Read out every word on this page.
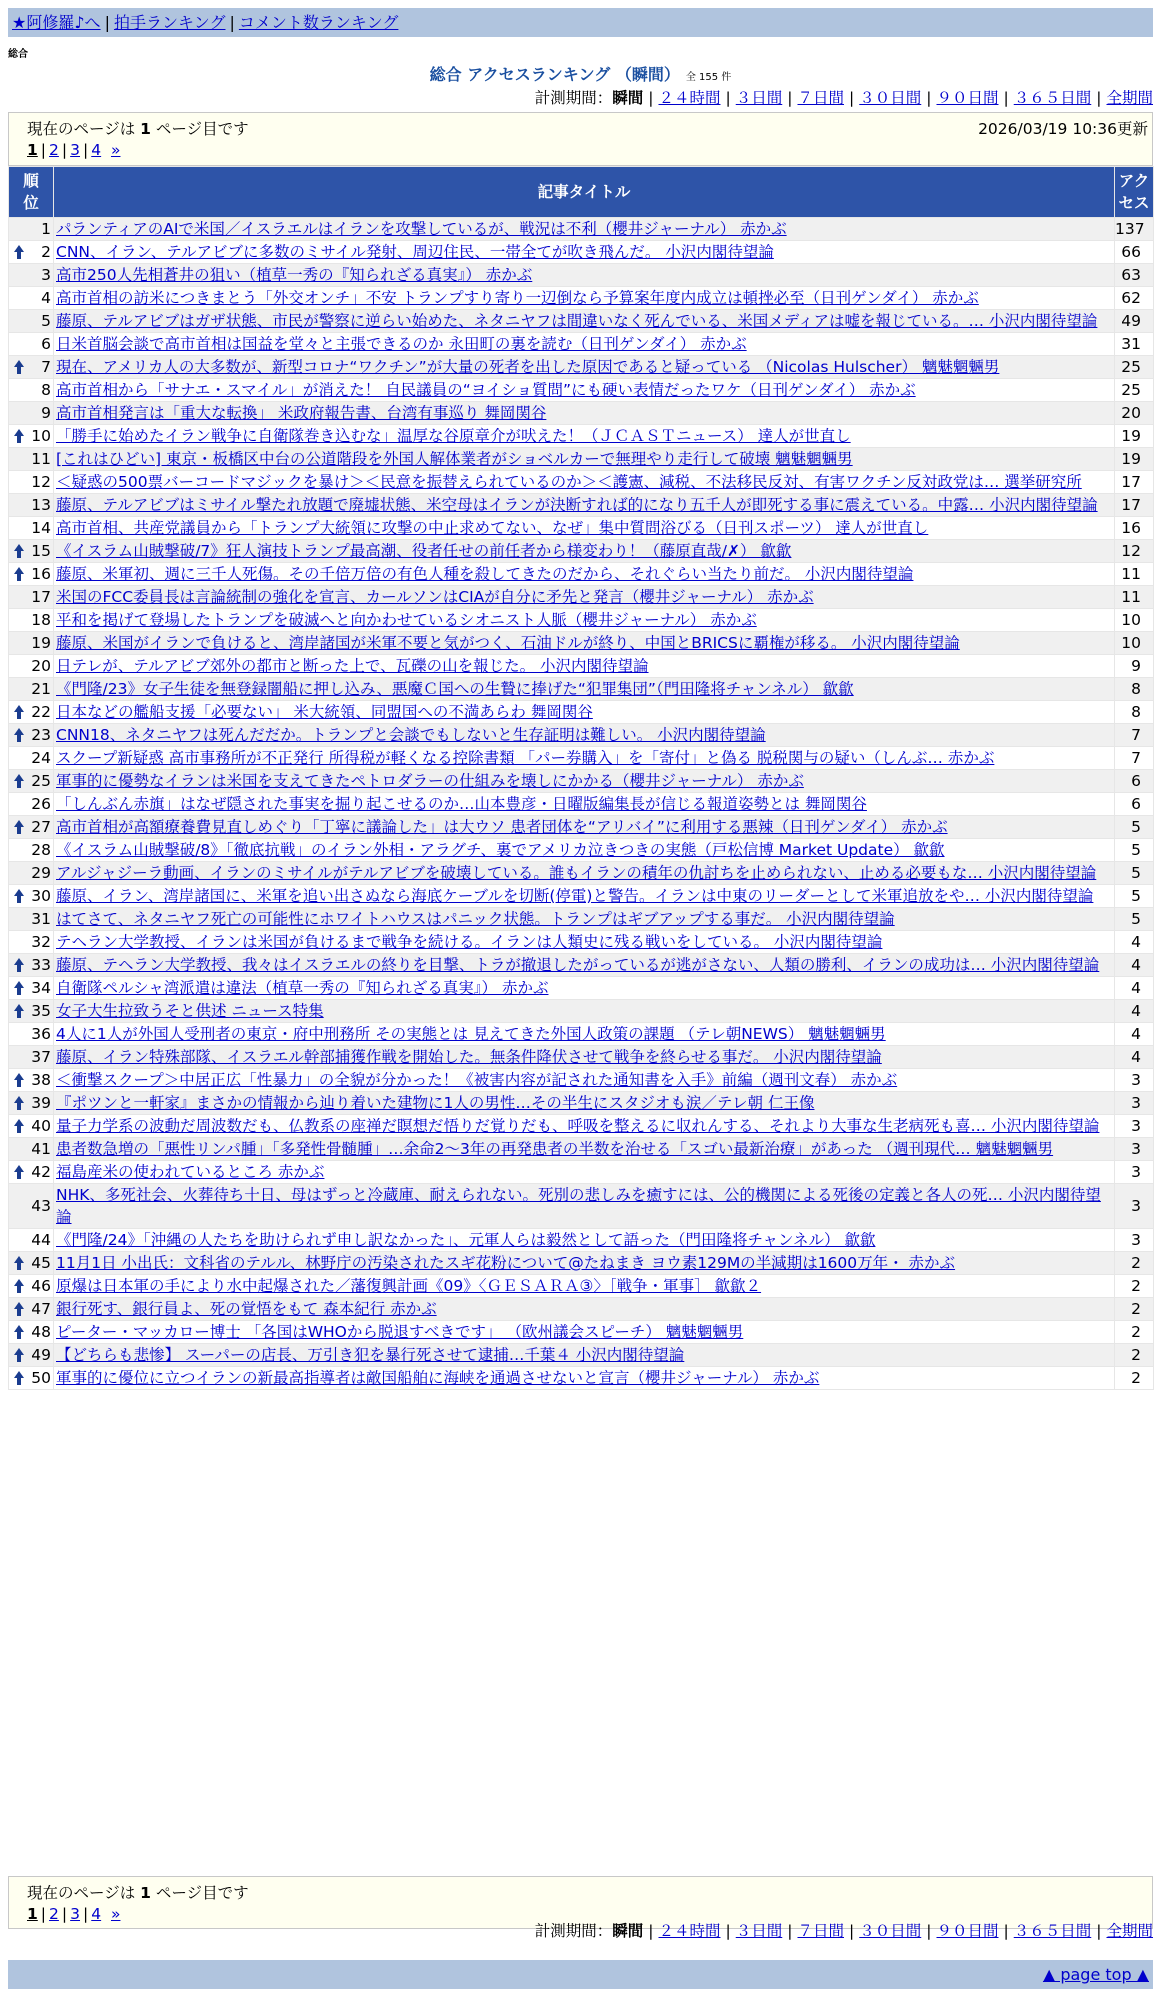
★阿修羅♪へ | 拍手ランキング | コメント数ランキング
総合
総合 アクセスランキング （瞬間） 全 155 件
計測期間：瞬間 | ２４時間 | ３日間 | ７日間 | ３０日間 | ９０日間 | ３６５日間 | 全期間
現在のページは 1 ページ目です	2026/03/19 10:36更新
1 | 2 | 3 | 4 »
順位	記事タイトル	アクセス
1	パランティアのAIで米国／イスラエルはイランを攻撃しているが、戦況は不利（櫻井ジャーナル） 赤かぶ	137

2	CNN、イラン、テルアビブに多数のミサイル発射、周辺住民、一帯全てが吹き飛んだ。 小沢内閣待望論	66
3	高市250人先相蒼井の狙い（植草一秀の『知られざる真実』） 赤かぶ	63
4	高市首相の訪米につきまとう「外交オンチ」不安 トランプすり寄り一辺倒なら予算案年度内成立は頓挫必至（日刊ゲンダイ） 赤かぶ	62
5	藤原、テルアビブはガザ状態、市民が警察に逆らい始めた、ネタニヤフは間違いなく死んでいる、米国メディアは嘘を報じている。… 小沢内閣待望論	49
6	日米首脳会談で高市首相は国益を堂々と主張できるのか 永田町の裏を読む（日刊ゲンダイ） 赤かぶ	31

7	現在、アメリカ人の大多数が、新型コロナ“ワクチン”が大量の死者を出した原因であると疑っている （Nicolas Hulscher） 魑魅魍魎男	25
8	高市首相から「サナエ・スマイル」が消えた！ 自民議員の“ヨイショ質問”にも硬い表情だったワケ（日刊ゲンダイ） 赤かぶ	25
9	高市首相発言は「重大な転換」 米政府報告書、台湾有事巡り 舞岡関谷	20

10	「勝手に始めたイラン戦争に自衛隊巻き込むな」温厚な谷原章介が吠えた！（ＪＣＡＳＴニュース） 達人が世直し	19
11	[これはひどい] 東京・板橋区中台の公道階段を外国人解体業者がショベルカーで無理やり走行して破壊 魑魅魍魎男	19
12	＜疑惑の500票バーコードマジックを暴け＞＜民意を振替えられているのか＞＜護憲、減税、不法移民反対、有害ワクチン反対政党は… 選挙研究所	17
13	藤原、テルアビブはミサイル撃たれ放題で廃墟状態、米空母はイランが決断すれば的になり五千人が即死する事に震えている。中露… 小沢内閣待望論	17
14	高市首相、共産党議員から「トランプ大統領に攻撃の中止求めてない、なぜ」集中質問浴びる（日刊スポーツ） 達人が世直し	16

15	《イスラム山賊撃破/7》狂人演技トランプ最高潮、役者任せの前任者から様変わり！（藤原直哉/✗） 歙歙	12

16	藤原、米軍初、週に三千人死傷。その千倍万倍の有色人種を殺してきたのだから、それぐらい当たり前だ。 小沢内閣待望論	11
17	米国のFCC委員長は言論統制の強化を宣言、カールソンはCIAが自分に矛先と発言（櫻井ジャーナル） 赤かぶ	11
18	平和を掲げて登場したトランプを破滅へと向かわせているシオニスト人脈（櫻井ジャーナル） 赤かぶ	10
19	藤原、米国がイランで負けると、湾岸諸国が米軍不要と気がつく、石油ドルが終り、中国とBRICSに覇権が移る。 小沢内閣待望論	10
20	日テレが、テルアビブ郊外の都市と断った上で、瓦礫の山を報じた。 小沢内閣待望論	9
21	《門隆/23》女子生徒を無登録闇船に押し込み、悪魔Ｃ国への生贄に捧げた“犯罪集団”（門田隆将チャンネル） 歙歙	8

22	日本などの艦船支援「必要ない」 米大統領、同盟国への不満あらわ 舞岡関谷	8

23	CNN18、ネタニヤフは死んだだか。トランプと会談でもしないと生存証明は難しい。 小沢内閣待望論	7
24	スクープ新疑惑 高市事務所が不正発行 所得税が軽くなる控除書類 「パー券購入」を「寄付」と偽る 脱税関与の疑い（しんぶ… 赤かぶ	7

25	軍事的に優勢なイランは米国を支えてきたペトロダラーの仕組みを壊しにかかる（櫻井ジャーナル） 赤かぶ	6
26	「しんぶん赤旗」はなぜ隠された事実を掘り起こせるのか…山本豊彦・日曜版編集長が信じる報道姿勢とは 舞岡関谷	6

27	高市首相が高額療養費見直しめぐり「丁寧に議論した」は大ウソ 患者団体を“アリバイ”に利用する悪辣（日刊ゲンダイ） 赤かぶ	5
28	《イスラム山賊撃破/8》「徹底抗戦」のイラン外相・アラグチ、裏でアメリカ泣きつきの実態（戸松信博 Market Update） 歙歙	5
29	アルジャジーラ動画、イランのミサイルがテルアビブを破壊している。誰もイランの積年の仇討ちを止められない、止める必要もな… 小沢内閣待望論	5

30	藤原、イラン、湾岸諸国に、米軍を追い出さぬなら海底ケーブルを切断(停電)と警告。イランは中東のリーダーとして米軍追放をや… 小沢内閣待望論	5
31	はてさて、ネタニヤフ死亡の可能性にホワイトハウスはパニック状態。トランプはギブアップする事だ。 小沢内閣待望論	5
32	テヘラン大学教授、イランは米国が負けるまで戦争を続ける。イランは人類史に残る戦いをしている。 小沢内閣待望論	4

33	藤原、テヘラン大学教授、我々はイスラエルの終りを目撃、トラが撤退したがっているが逃がさない、人類の勝利、イランの成功は… 小沢内閣待望論	4

34	自衛隊ペルシャ湾派遣は違法（植草一秀の『知られざる真実』） 赤かぶ	4

35	女子大生拉致うそと供述 ニュース特集	4
36	4人に1人が外国人受刑者の東京・府中刑務所 その実態とは 見えてきた外国人政策の課題 （テレ朝NEWS） 魑魅魍魎男	4
37	藤原、イラン特殊部隊、イスラエル幹部捕獲作戦を開始した。無条件降伏させて戦争を終らせる事だ。 小沢内閣待望論	4

38	＜衝撃スクープ＞中居正広「性暴力」の全貌が分かった！《被害内容が記された通知書を入手》前編（週刊文春） 赤かぶ	3

39	『ポツンと一軒家』まさかの情報から辿り着いた建物に1人の男性…その半生にスタジオも涙／テレ朝 仁王像	3

40	量子力学系の波動だ周波数だも、仏教系の座禅だ瞑想だ悟りだ覚りだも、呼吸を整えるに収れんする、それより大事な生老病死も喜… 小沢内閣待望論	3
41	患者数急増の「悪性リンパ腫」「多発性骨髄腫」…余命2～3年の再発患者の半数を治せる「スゴい最新治療」があった （週刊現代… 魑魅魍魎男	3

42	福島産米の使われているところ 赤かぶ	3
43	NHK、多死社会、火葬待ち十日、母はずっと冷蔵庫、耐えられない。死別の悲しみを癒すには、公的機関による死後の定義と各人の死… 小沢内閣待望論	3
44	《門隆/24》「沖縄の人たちを助けられず申し訳なかった」、元軍人らは毅然として語った（門田隆将チャンネル） 歙歙	3

45	11月1日 小出氏：文科省のテルル、林野庁の汚染されたスギ花粉について@たねまき ヨウ素129Mの半減期は1600万年・ 赤かぶ	2

46	原爆は日本軍の手により水中起爆された／藩復興計画《09》〈ＧＥＳＡＲＡ③〉［戦争・軍事］ 歙歙２	2

47	銀行死す、銀行員よ、死の覚悟をもて 森本紀行 赤かぶ	2

48	ピーター・マッカロー博士 「各国はWHOから脱退すべきです」 （欧州議会スピーチ） 魑魅魍魎男	2

49	【どちらも悲惨】 スーパーの店長、万引き犯を暴行死させて逮捕…千葉４ 小沢内閣待望論	2

50	軍事的に優位に立つイランの新最高指導者は敵国船舶に海峡を通過させないと宣言（櫻井ジャーナル） 赤かぶ	2
現在のページは 1 ページ目です
1 | 2 | 3 | 4 »
計測期間：瞬間 | ２４時間 | ３日間 | ７日間 | ３０日間 | ９０日間 | ３６５日間 | 全期間
▲ page top ▲
